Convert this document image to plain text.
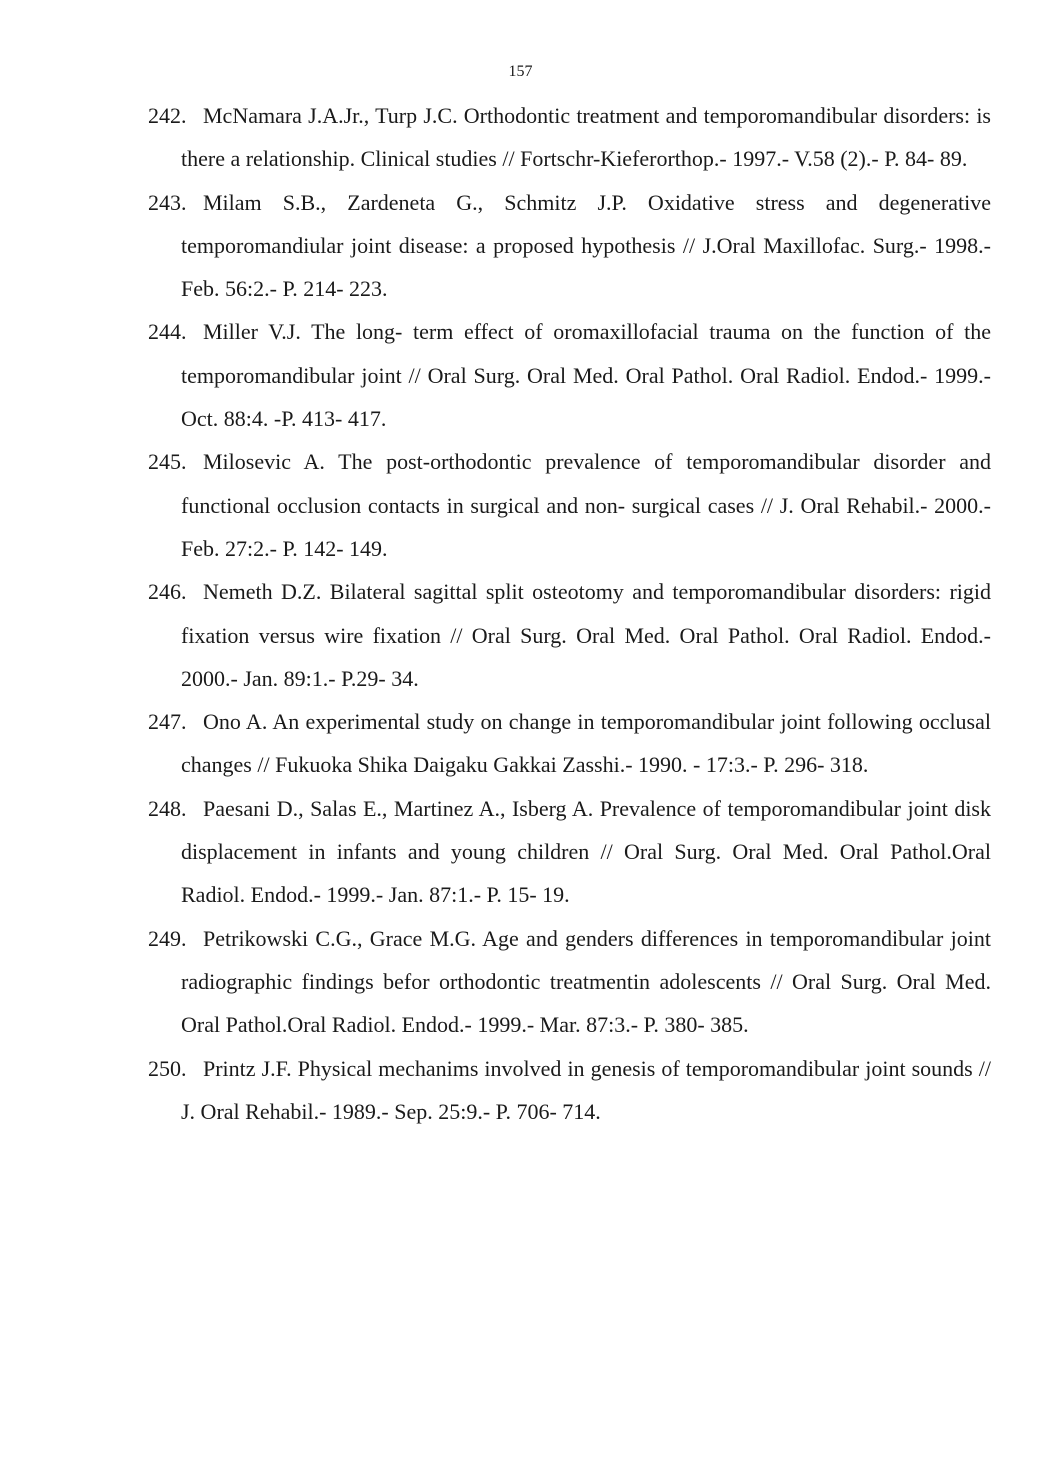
157
242. McNamara J.A.Jr., Turp J.C. Orthodontic treatment and temporomandibular disorders: is there a relationship. Clinical studies // Fortschr-Kieferorthop.- 1997.- V.58 (2).- P. 84- 89.
243. Milam S.B., Zardeneta G., Schmitz J.P. Oxidative stress and degenerative temporomandiular joint disease: a proposed hypothesis // J.Oral Maxillofac. Surg.- 1998.- Feb. 56:2.- P. 214- 223.
244. Miller V.J. The long- term effect of oromaxillofacial trauma on the function of the temporomandibular joint // Oral Surg. Oral Med. Oral Pathol. Oral Radiol. Endod.- 1999.- Oct. 88:4. -P. 413- 417.
245. Milosevic A. The post-orthodontic prevalence of temporomandibular disorder and functional occlusion contacts in surgical and non- surgical cases // J. Oral Rehabil.- 2000.- Feb. 27:2.- P. 142- 149.
246. Nemeth D.Z. Bilateral sagittal split osteotomy and temporomandibular disorders: rigid fixation versus wire fixation // Oral Surg. Oral Med. Oral Pathol. Oral Radiol. Endod.- 2000.- Jan. 89:1.- P.29- 34.
247. Ono A. An experimental study on change in temporomandibular joint following occlusal changes // Fukuoka Shika Daigaku Gakkai Zasshi.- 1990. - 17:3.- P. 296- 318.
248. Paesani D., Salas E., Martinez A., Isberg A. Prevalence of temporomandibular joint disk displacement in infants and young children // Oral Surg. Oral Med. Oral Pathol.Oral Radiol. Endod.- 1999.- Jan. 87:1.- P. 15- 19.
249. Petrikowski C.G., Grace M.G. Age and genders differences in temporomandibular joint radiographic findings befor orthodontic treatmentin adolescents // Oral Surg. Oral Med. Oral Pathol.Oral Radiol. Endod.- 1999.- Mar. 87:3.- P. 380- 385.
250. Printz J.F. Physical mechanims involved in genesis of temporomandibular joint sounds // J. Oral Rehabil.- 1989.- Sep. 25:9.- P. 706- 714.
